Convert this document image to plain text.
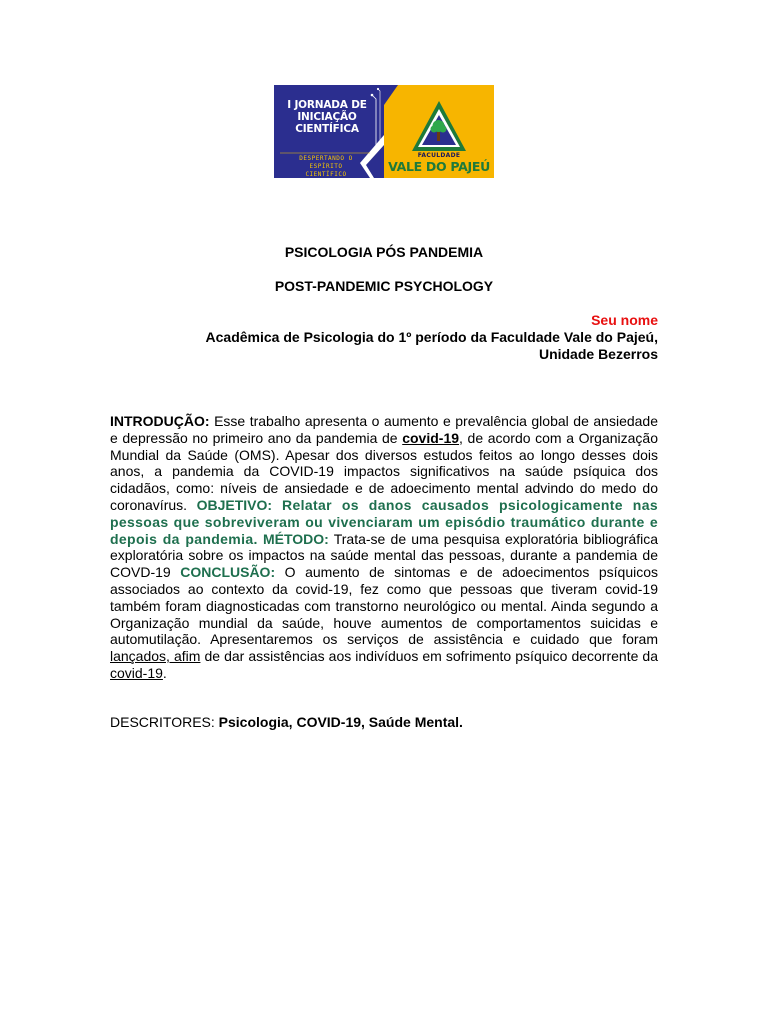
I JORNADA DE
INICIAÇÃO
CIENTÍFICA
DESPERTANDO O
ESPÍRITO
CIENTÍFICO
FACULDADE
VALE DO PAJEÚ
PSICOLOGIA PÓS PANDEMIA
POST-PANDEMIC PSYCHOLOGY
Seu nome
Acadêmica de Psicologia do 1º período da Faculdade Vale do Pajeú,
Unidade Bezerros
INTRODUÇÃO: Esse trabalho apresenta o aumento e prevalência global de ansiedade e depressão no primeiro ano da pandemia de covid-19, de acordo com a Organização Mundial da Saúde (OMS). Apesar dos diversos estudos feitos ao longo desses dois anos, a pandemia da COVID-19 impactos significativos na saúde psíquica dos cidadãos, como: níveis de ansiedade e de adoecimento mental advindo do medo do coronavírus. OBJETIVO: Relatar os danos causados psicologicamente nas pessoas que sobreviveram ou vivenciaram um episódio traumático durante e depois da pandemia. MÉTODO: Trata-se de uma pesquisa exploratória bibliográfica exploratória sobre os impactos na saúde mental das pessoas, durante a pandemia de COVD-19 CONCLUSÃO: O aumento de sintomas e de adoecimentos psíquicos associados ao contexto da covid-19, fez como que pessoas que tiveram covid-19 também foram diagnosticadas com transtorno neurológico ou mental. Ainda segundo a Organização mundial da saúde, houve aumentos de comportamentos suicidas e automutilação. Apresentaremos os serviços de assistência e cuidado que foram lançados, afim de dar assistências aos indivíduos em sofrimento psíquico decorrente da covid-19.
DESCRITORES: Psicologia, COVID-19, Saúde Mental.
